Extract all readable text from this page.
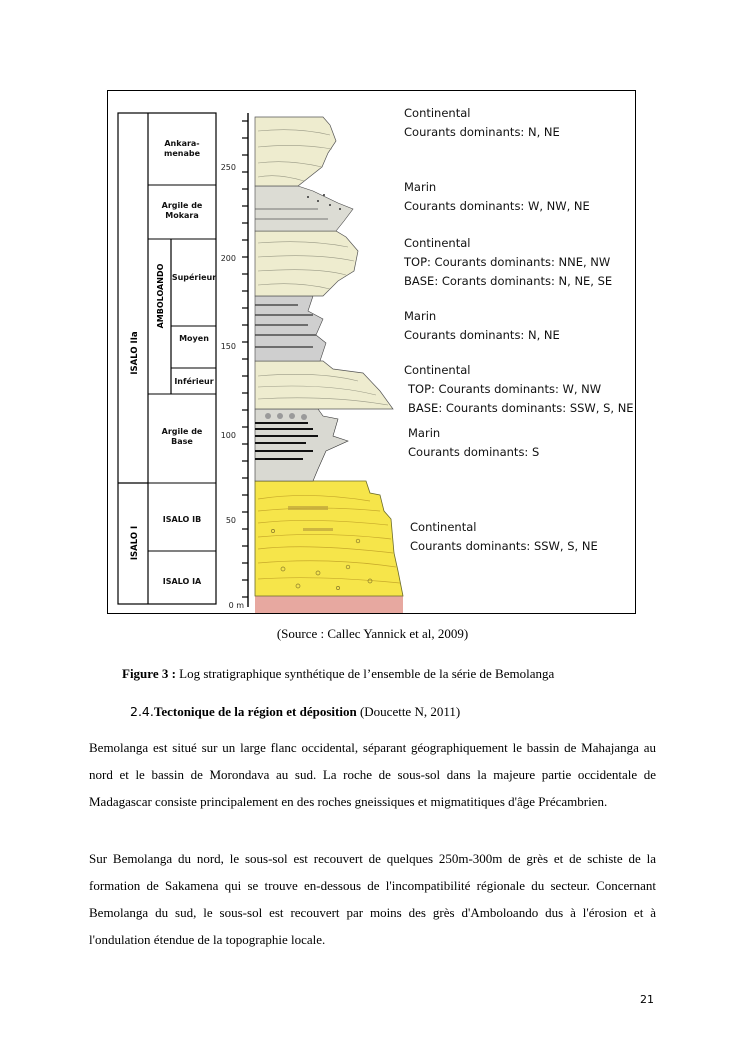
ISALO IIa
ISALO I
AMBOLOANDO
Ankara-
menabe
Argile de
Mokara
Supérieur
Moyen
Inférieur
Argile de
Base
ISALO IB
ISALO IA
250
200
150
100
50
0 m
Continental
Courants dominants: N, NE
Marin
Courants dominants: W, NW, NE
Continental
TOP: Courants dominants: NNE, NW
BASE: Corants dominants: N, NE, SE
Marin
Courants dominants: N, NE
Continental
TOP: Courants dominants: W, NW
BASE: Courants dominants: SSW, S, NE
Marin
Courants dominants: S
Continental
Courants dominants: SSW, S, NE
(Source : Callec Yannick et al, 2009)
Figure 3 : Log stratigraphique synthétique de l’ensemble de la série de Bemolanga
2.4.Tectonique de la région et déposition (Doucette N, 2011)
Bemolanga est situé sur un large flanc occidental, séparant géographiquement le bassin de Mahajanga au nord et le bassin de Morondava au sud. La roche de sous-sol dans la majeure partie occidentale de Madagascar consiste principalement en des roches gneissiques et migmatitiques d'âge Précambrien.
Sur Bemolanga du nord, le sous-sol est recouvert de quelques 250m-300m de grès et de schiste de la formation de Sakamena qui se trouve en-dessous de l'incompatibilité régionale du secteur. Concernant Bemolanga du sud, le sous-sol est recouvert par moins des grès d'Amboloando dus à l'érosion et à l'ondulation étendue de la topographie locale.
21
